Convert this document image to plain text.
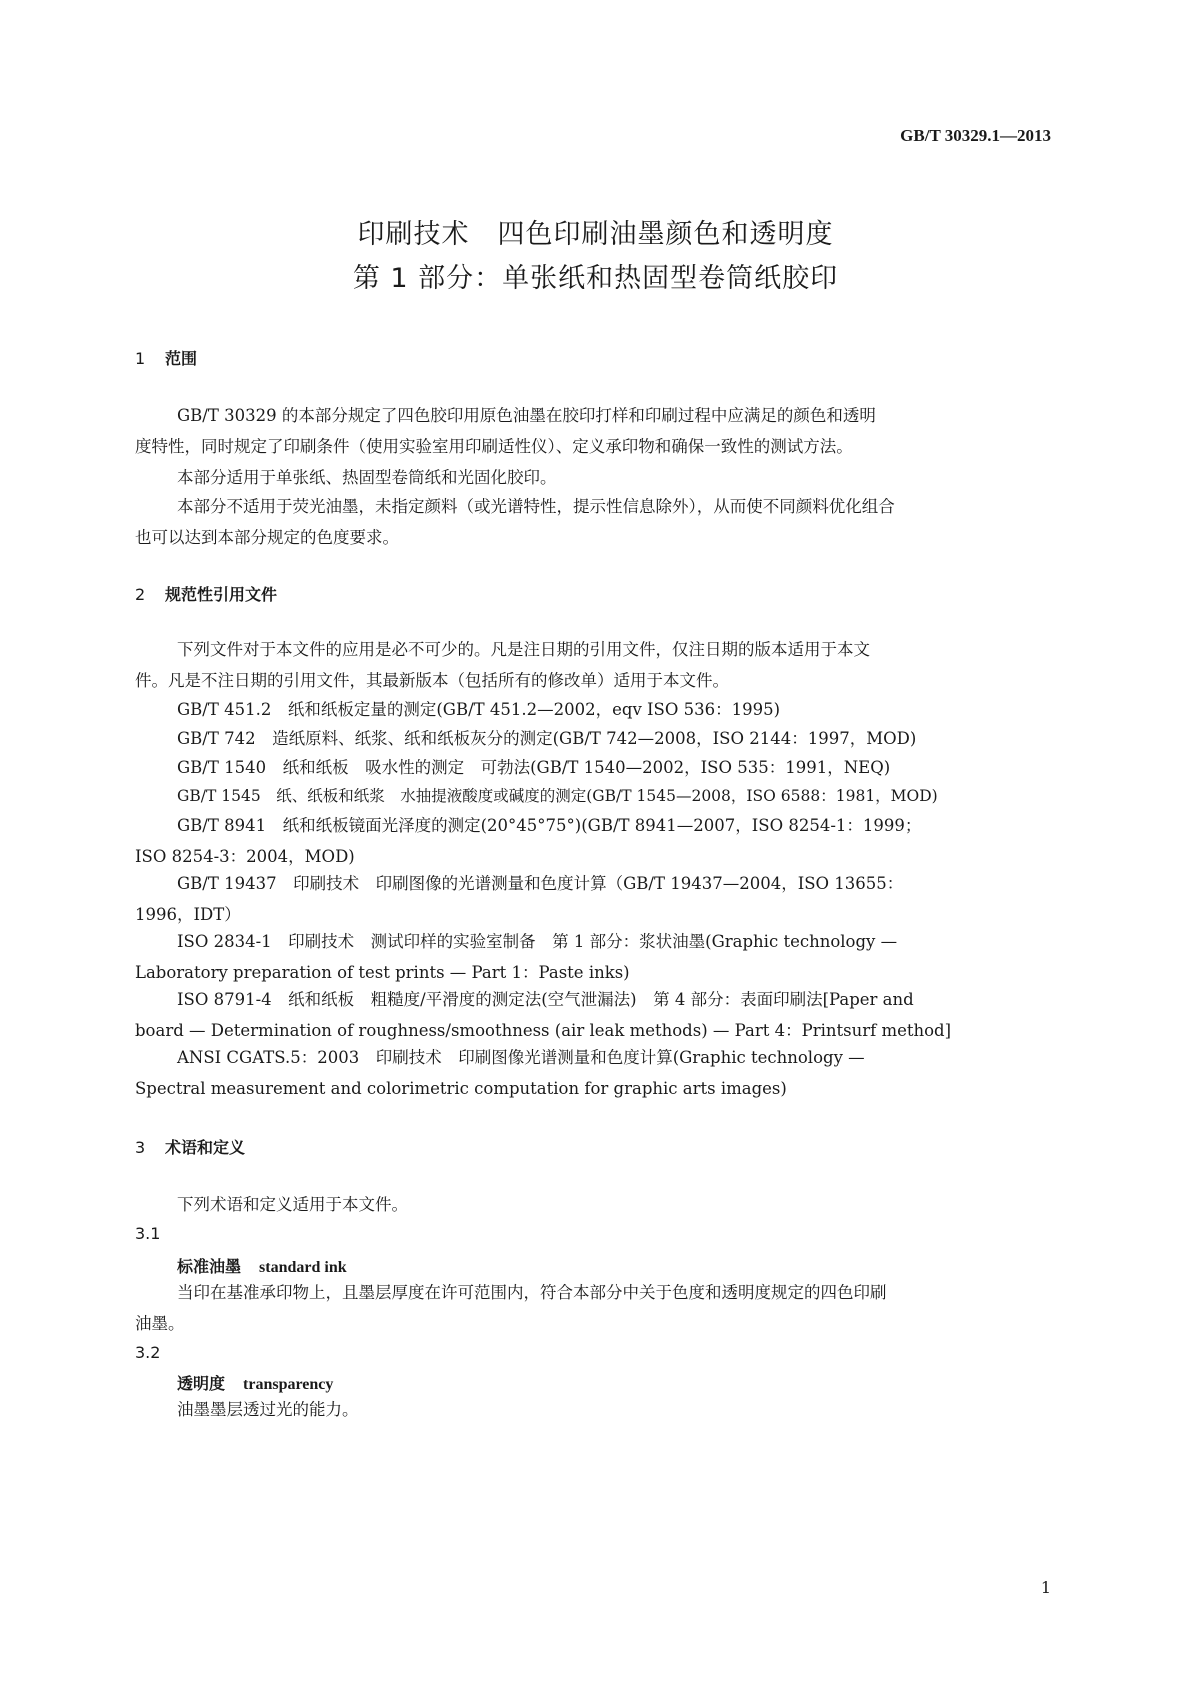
GB/T 30329.1—2013
印刷技术　四色印刷油墨颜色和透明度
第 1 部分：单张纸和热固型卷筒纸胶印
1 范围
GB/T 30329 的本部分规定了四色胶印用原色油墨在胶印打样和印刷过程中应满足的颜色和透明
度特性，同时规定了印刷条件（使用实验室用印刷适性仪）、定义承印物和确保一致性的测试方法。
本部分适用于单张纸、热固型卷筒纸和光固化胶印。
本部分不适用于荧光油墨，未指定颜料（或光谱特性，提示性信息除外），从而使不同颜料优化组合
也可以达到本部分规定的色度要求。
2 规范性引用文件
下列文件对于本文件的应用是必不可少的。凡是注日期的引用文件，仅注日期的版本适用于本文
件。凡是不注日期的引用文件，其最新版本（包括所有的修改单）适用于本文件。
GB/T 451.2　纸和纸板定量的测定(GB/T 451.2—2002，eqv ISO 536：1995)
GB/T 742　造纸原料、纸浆、纸和纸板灰分的测定(GB/T 742—2008，ISO 2144：1997，MOD)
GB/T 1540　纸和纸板　吸水性的测定　可勃法(GB/T 1540—2002，ISO 535：1991，NEQ)
GB/T 1545　纸、纸板和纸浆　水抽提液酸度或碱度的测定(GB/T 1545—2008，ISO 6588：1981，MOD)
GB/T 8941　纸和纸板镜面光泽度的测定(20°45°75°)(GB/T 8941—2007，ISO 8254-1：1999；
ISO 8254-3：2004，MOD)
GB/T 19437　印刷技术　印刷图像的光谱测量和色度计算（GB/T 19437—2004，ISO 13655：
1996，IDT）
ISO 2834-1　印刷技术　测试印样的实验室制备　第 1 部分：浆状油墨(Graphic technology —
Laboratory preparation of test prints — Part 1：Paste inks)
ISO 8791-4　纸和纸板　粗糙度/平滑度的测定法(空气泄漏法)　第 4 部分：表面印刷法[Paper and
board — Determination of roughness/smoothness (air leak methods) — Part 4：Printsurf method]
ANSI CGATS.5：2003　印刷技术　印刷图像光谱测量和色度计算(Graphic technology —
Spectral measurement and colorimetric computation for graphic arts images)
3 术语和定义
下列术语和定义适用于本文件。
3.1
标准油墨 standard ink
当印在基准承印物上，且墨层厚度在许可范围内，符合本部分中关于色度和透明度规定的四色印刷
油墨。
3.2
透明度 transparency
油墨墨层透过光的能力。
1
